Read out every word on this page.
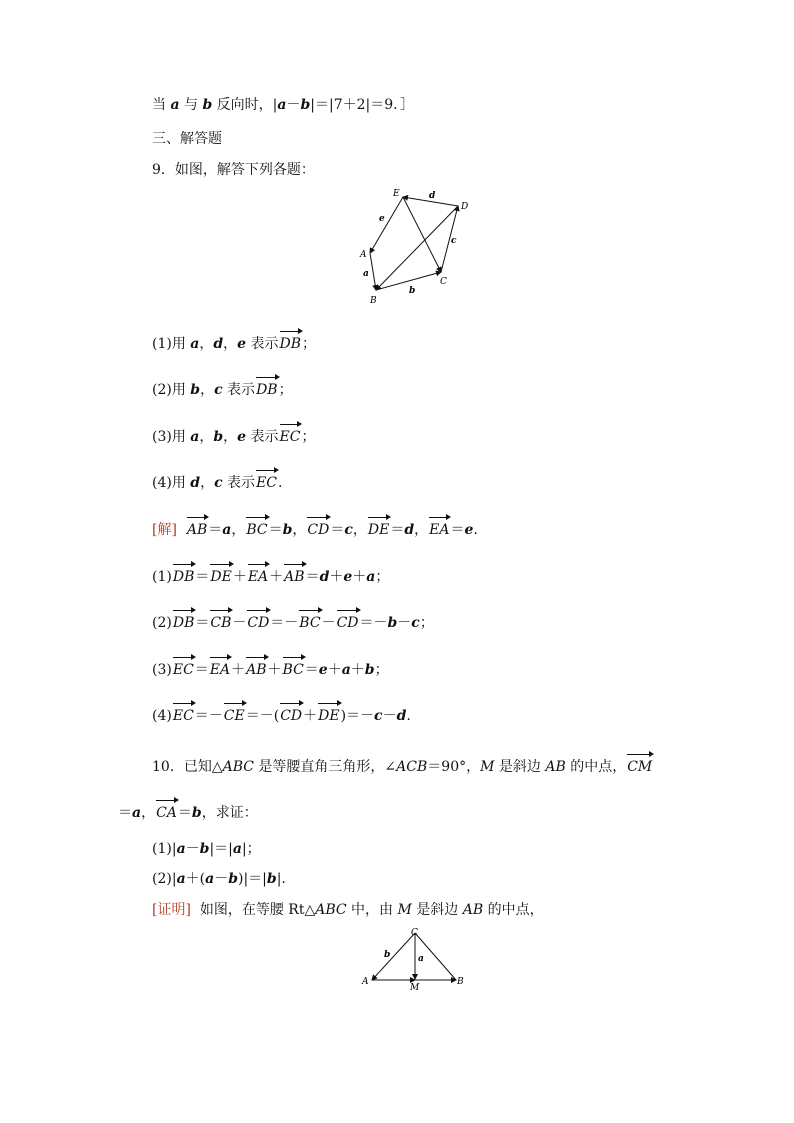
当 a 与 b 反向时，|a－b|＝|7＋2|＝9．］
三、解答题
9．如图，解答下列各题：
E
D
A
B
C
d
e
a
b
c
(1)用 a，d，e 表示DB；
(2)用 b，c 表示DB；
(3)用 a，b，e 表示EC；
(4)用 d，c 表示EC.
[解] AB＝a，BC＝b，CD＝c，DE＝d，EA＝e.
(1)DB＝DE＋EA＋AB＝d＋e＋a；
(2)DB＝CB－CD＝－BC－CD＝－b－c；
(3)EC＝EA＋AB＋BC＝e＋a＋b；
(4)EC＝－CE＝－(CD＋DE)＝－c－d.
10．已知△ABC 是等腰直角三角形，∠ACB＝90°，M 是斜边 AB 的中点，CM
＝a，CA＝b，求证：
(1)|a－b|＝|a|；
(2)|a＋(a－b)|＝|b|.
[证明]  如图，在等腰 Rt△ABC 中，由 M 是斜边 AB 的中点，
C
A
M
B
a
b
